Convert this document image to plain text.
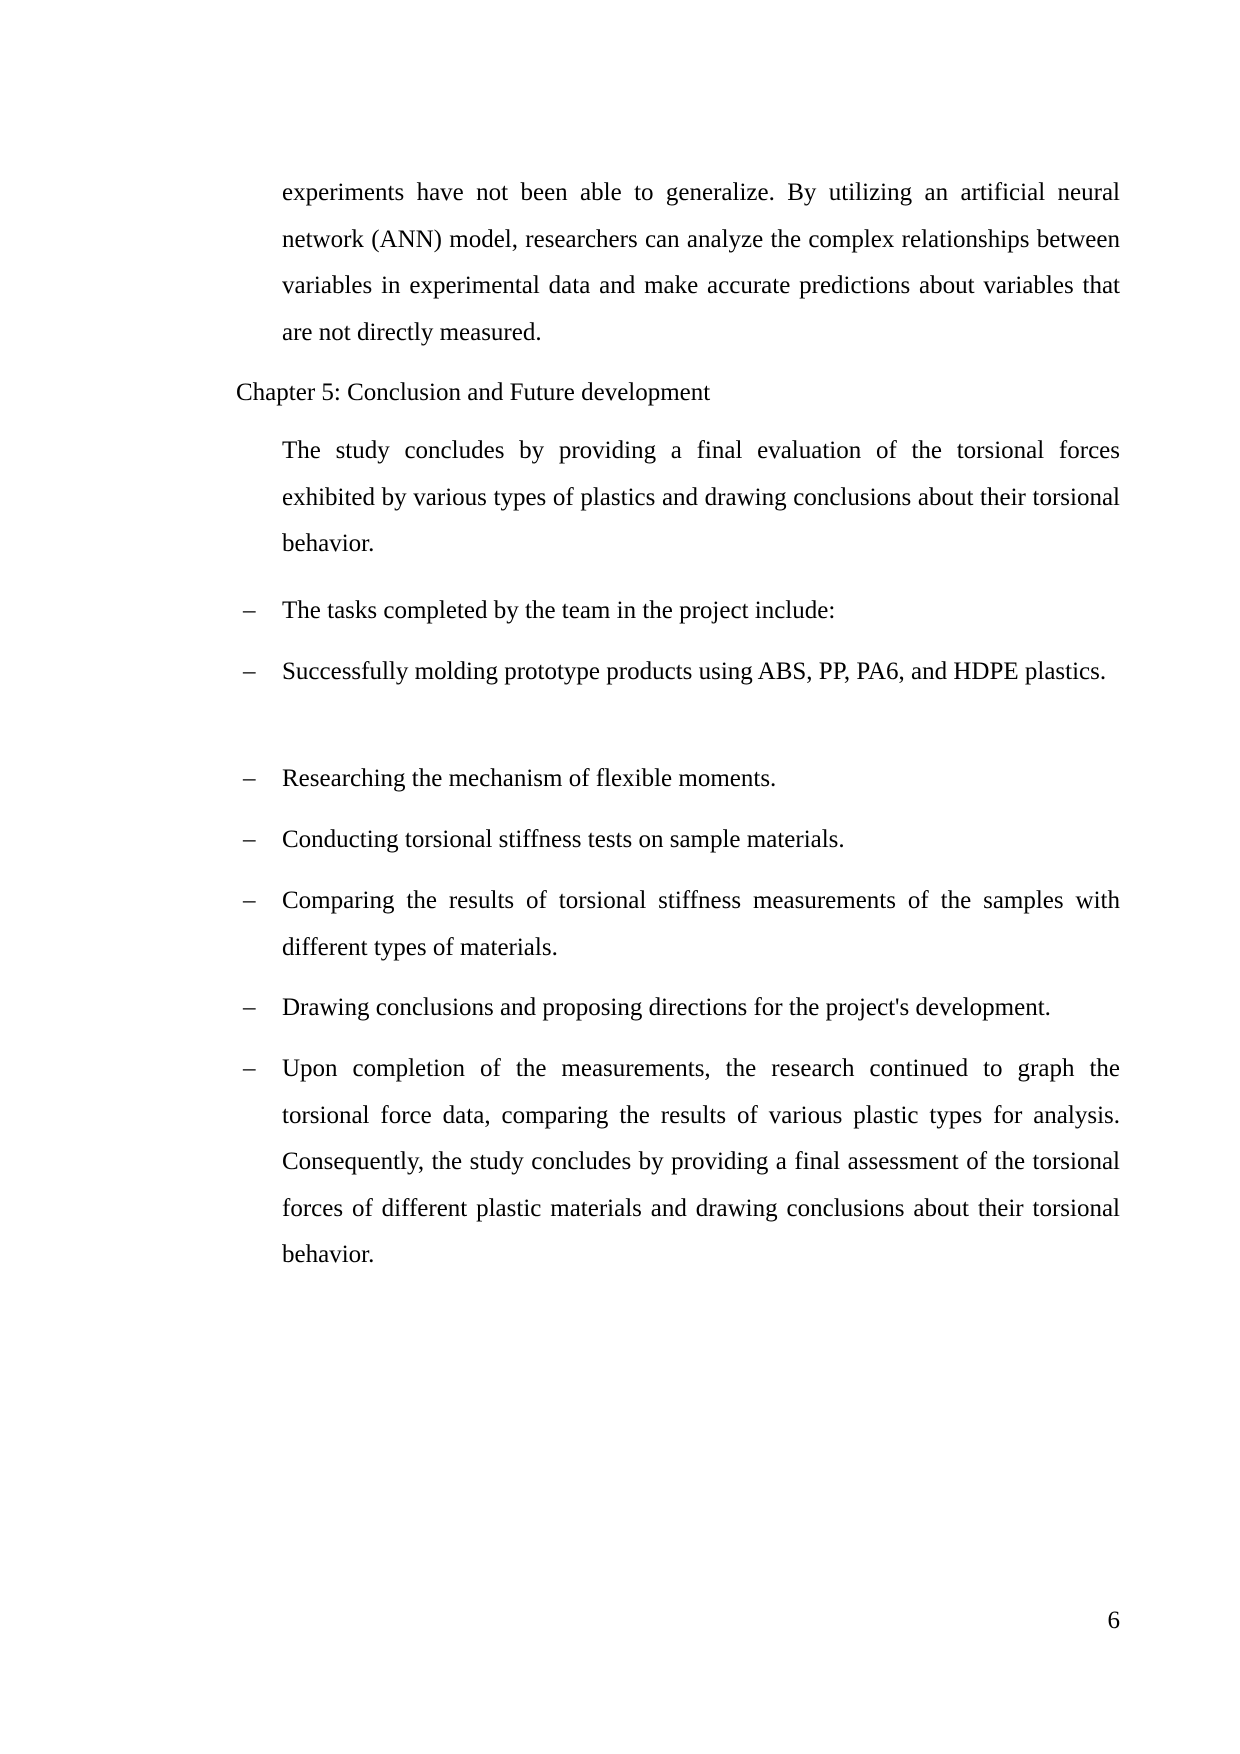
experiments have not been able to generalize. By utilizing an artificial neural network (ANN) model, researchers can analyze the complex relationships between variables in experimental data and make accurate predictions about variables that are not directly measured.

Chapter 5: Conclusion and Future development

The study concludes by providing a final evaluation of the torsional forces exhibited by various types of plastics and drawing conclusions about their torsional behavior.

– The tasks completed by the team in the project include:

– Successfully molding prototype products using ABS, PP, PA6, and HDPE plastics.

– Researching the mechanism of flexible moments.

– Conducting torsional stiffness tests on sample materials.

– Comparing the results of torsional stiffness measurements of the samples with different types of materials.

– Drawing conclusions and proposing directions for the project's development.

– Upon completion of the measurements, the research continued to graph the torsional force data, comparing the results of various plastic types for analysis. Consequently, the study concludes by providing a final assessment of the torsional forces of different plastic materials and drawing conclusions about their torsional behavior.

6
